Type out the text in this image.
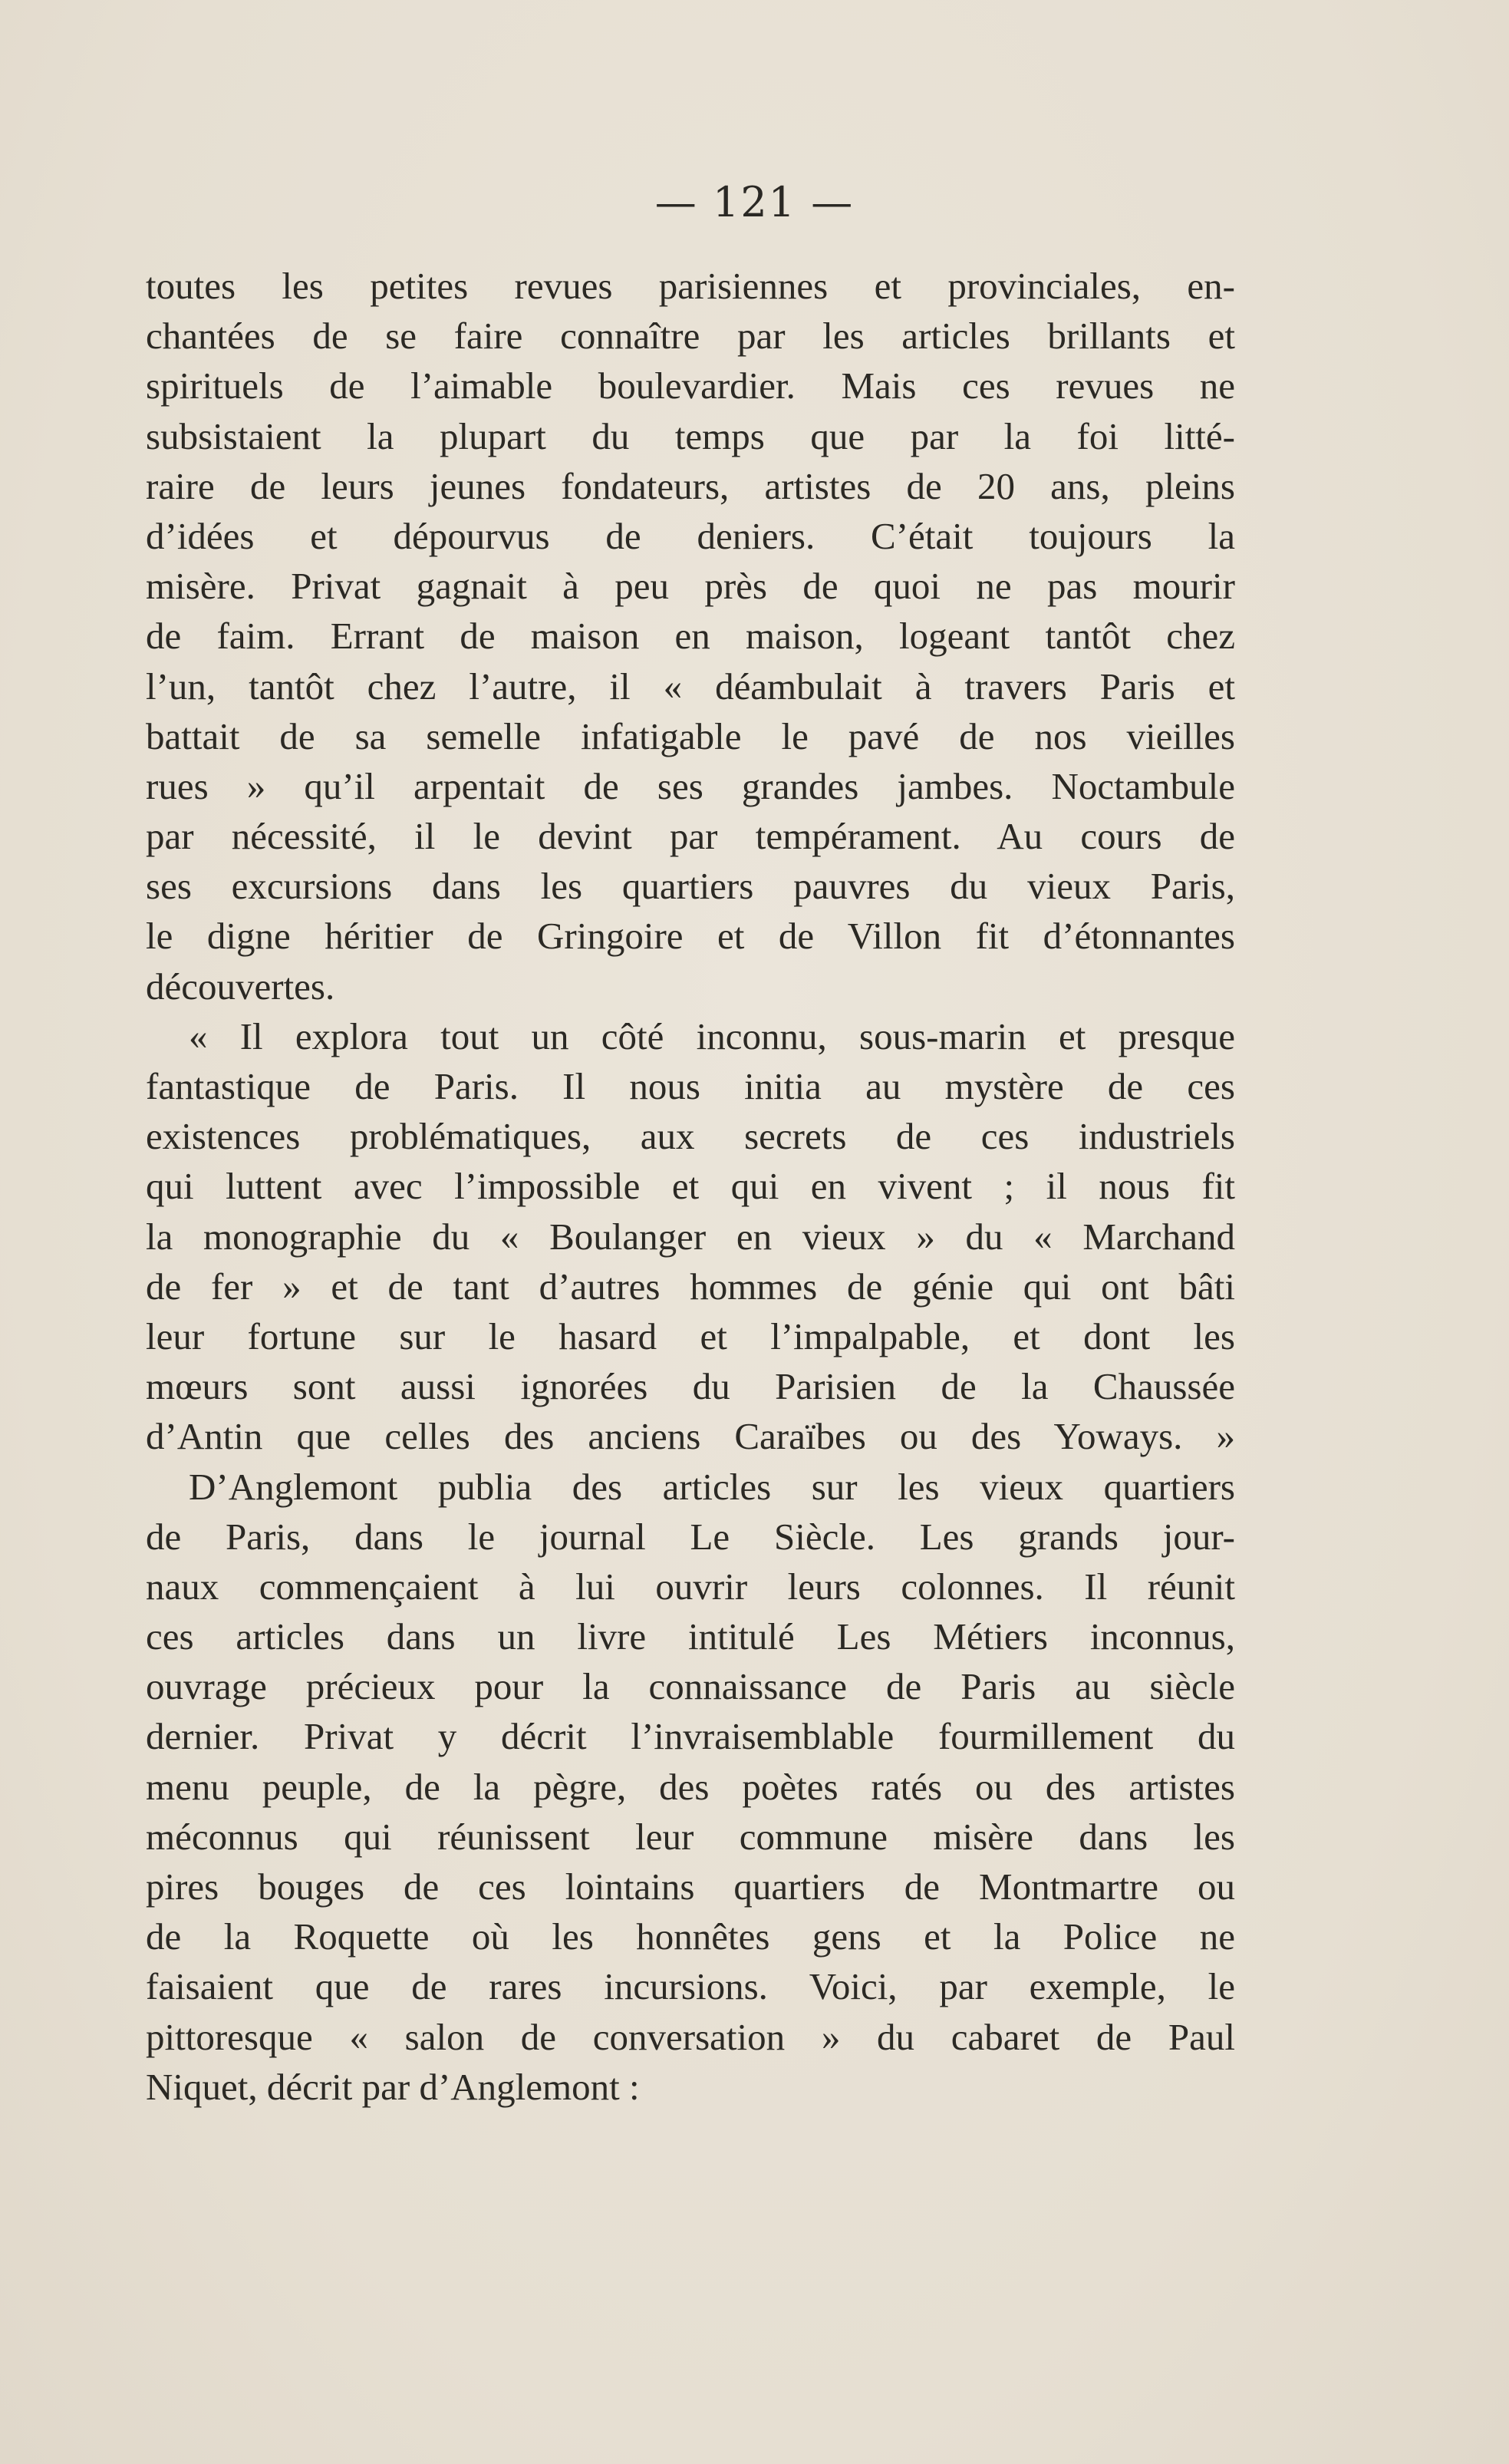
— 121 —
toutes les petites revues parisiennes et provinciales, en-
chantées de se faire connaître par les articles brillants et
spirituels de l’aimable boulevardier. Mais ces revues ne
subsistaient la plupart du temps que par la foi litté-
raire de leurs jeunes fondateurs, artistes de 20 ans, pleins
d’idées et dépourvus de deniers. C’était toujours la
misère. Privat gagnait à peu près de quoi ne pas mourir
de faim. Errant de maison en maison, logeant tantôt chez
l’un, tantôt chez l’autre, il « déambulait à travers Paris et
battait de sa semelle infatigable le pavé de nos vieilles
rues » qu’il arpentait de ses grandes jambes. Noctambule
par nécessité, il le devint par tempérament. Au cours de
ses excursions dans les quartiers pauvres du vieux Paris,
le digne héritier de Gringoire et de Villon fit d’étonnantes
découvertes.
« Il explora tout un côté inconnu, sous-marin et presque
fantastique de Paris. Il nous initia au mystère de ces
existences problématiques, aux secrets de ces industriels
qui luttent avec l’impossible et qui en vivent ; il nous fit
la monographie du « Boulanger en vieux » du « Marchand
de fer » et de tant d’autres hommes de génie qui ont bâti
leur fortune sur le hasard et l’impalpable, et dont les
mœurs sont aussi ignorées du Parisien de la Chaussée
d’Antin que celles des anciens Caraïbes ou des Yoways. »
D’Anglemont publia des articles sur les vieux quartiers
de Paris, dans le journal Le Siècle. Les grands jour-
naux commençaient à lui ouvrir leurs colonnes. Il réunit
ces articles dans un livre intitulé Les Métiers inconnus,
ouvrage précieux pour la connaissance de Paris au siècle
dernier. Privat y décrit l’invraisemblable fourmillement du
menu peuple, de la pègre, des poètes ratés ou des artistes
méconnus qui réunissent leur commune misère dans les
pires bouges de ces lointains quartiers de Montmartre ou
de la Roquette où les honnêtes gens et la Police ne
faisaient que de rares incursions. Voici, par exemple, le
pittoresque « salon de conversation » du cabaret de Paul
Niquet, décrit par d’Anglemont :
